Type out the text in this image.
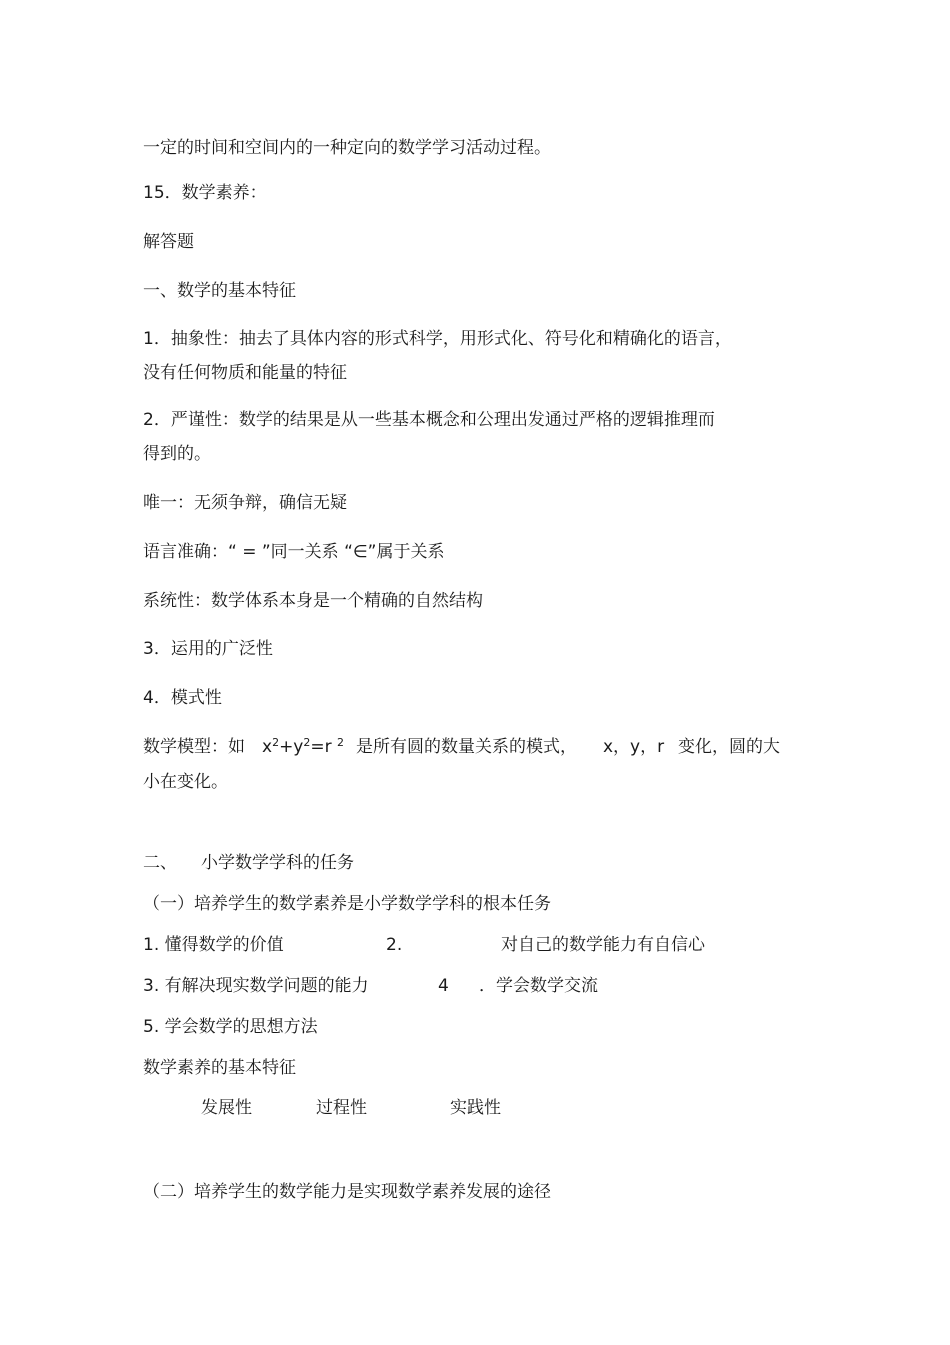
一定的时间和空间内的一种定向的数学学习活动过程。
15．数学素养：
解答题
一、数学的基本特征
1．抽象性：抽去了具体内容的形式科学，用形式化、符号化和精确化的语言，
没有任何物质和能量的特征
2．严谨性：数学的结果是从一些基本概念和公理出发通过严格的逻辑推理而
得到的。
唯一：无须争辩，确信无疑
语言准确：“ = ”同一关系 “∈”属于关系
系统性：数学体系本身是一个精确的自然结构
3．运用的广泛性
4．模式性
数学模型：如 $x^2+y^2=r$ $^2$ 是所有圆的数量关系的模式， x，y，r 变化，圆的大
小在变化。
二、 小学数学学科的任务
（一）培养学生的数学素养是小学数学学科的根本任务
1. 懂得数学的价值	2.	对自己的数学能力有自信心
3. 有解决现实数学问题的能力	4 ．学会数学交流
5. 学会数学的思想方法
数学素养的基本特征
发展性	过程性	实践性
（二）培养学生的数学能力是实现数学素养发展的途径
